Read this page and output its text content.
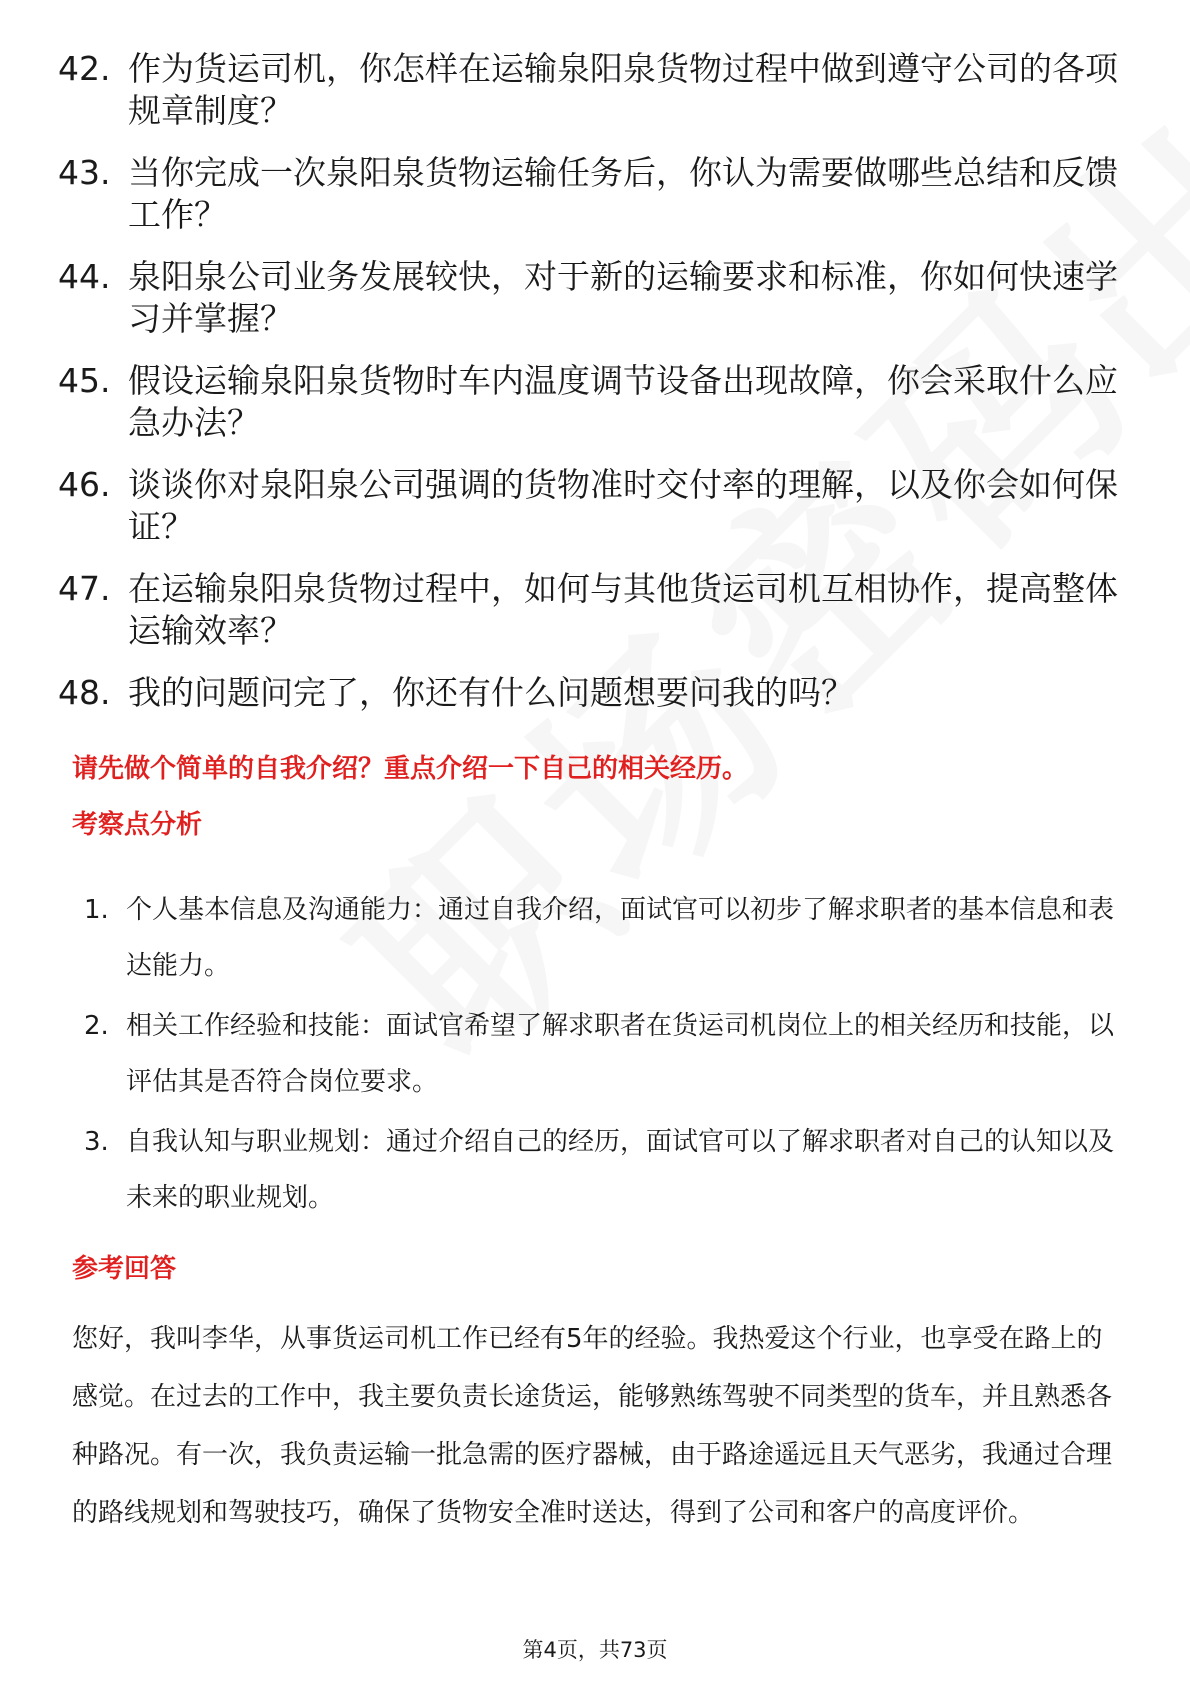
42. 作为货运司机，你怎样在运输泉阳泉货物过程中做到遵守公司的各项规章制度？
43. 当你完成一次泉阳泉货物运输任务后，你认为需要做哪些总结和反馈工作？
44. 泉阳泉公司业务发展较快，对于新的运输要求和标准，你如何快速学习并掌握？
45. 假设运输泉阳泉货物时车内温度调节设备出现故障，你会采取什么应急办法？
46. 谈谈你对泉阳泉公司强调的货物准时交付率的理解，以及你会如何保证？
47. 在运输泉阳泉货物过程中，如何与其他货运司机互相协作，提高整体运输效率？
48. 我的问题问完了，你还有什么问题想要问我的吗？
请先做个简单的自我介绍？重点介绍一下自己的相关经历。
考察点分析
1. 个人基本信息及沟通能力：通过自我介绍，面试官可以初步了解求职者的基本信息和表达能力。
2. 相关工作经验和技能：面试官希望了解求职者在货运司机岗位上的相关经历和技能，以评估其是否符合岗位要求。
3. 自我认知与职业规划：通过介绍自己的经历，面试官可以了解求职者对自己的认知以及未来的职业规划。
参考回答

您好，我叫李华，从事货运司机工作已经有5年的经验。我热爱这个行业，也享受在路上的感觉。在过去的工作中，我主要负责长途货运，能够熟练驾驶不同类型的货车，并且熟悉各种路况。有一次，我负责运输一批急需的医疗器械，由于路途遥远且天气恶劣，我通过合理的路线规划和驾驶技巧，确保了货物安全准时送达，得到了公司和客户的高度评价。

第4页，共73页
